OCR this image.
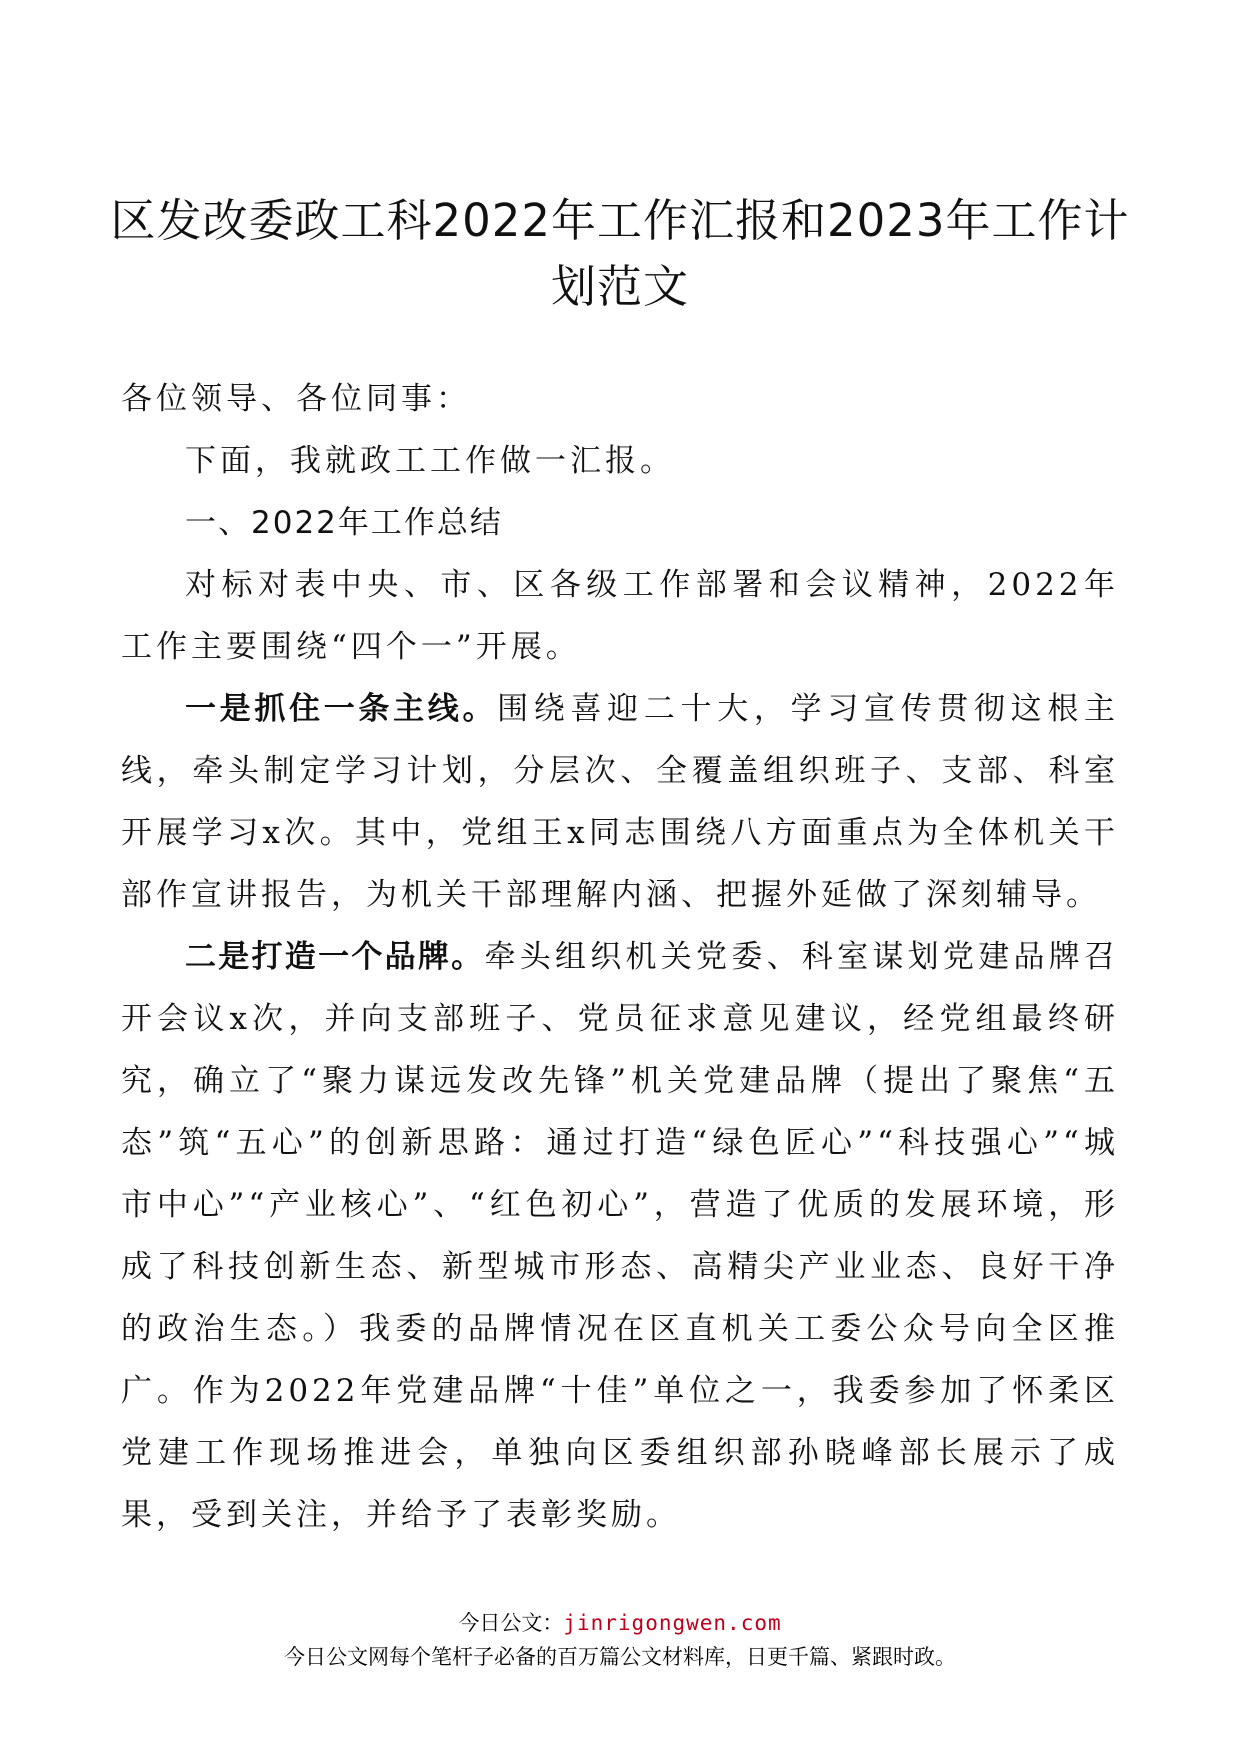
区发改委政工科2022年工作汇报和2023年工作计
划范文

各位领导、各位同事：

下面，我就政工工作做一汇报。

一、2022年工作总结

对标对表中央、市、区各级工作部署和会议精神，2022年工作主要围绕“四个一”开展。

一是抓住一条主线。围绕喜迎二十大，学习宣传贯彻这根主线，牵头制定学习计划，分层次、全覆盖组织班子、支部、科室开展学习x次。其中，党组王x同志围绕八方面重点为全体机关干部作宣讲报告，为机关干部理解内涵、把握外延做了深刻辅导。

二是打造一个品牌。牵头组织机关党委、科室谋划党建品牌召开会议x次，并向支部班子、党员征求意见建议，经党组最终研究，确立了“聚力谋远发改先锋”机关党建品牌（提出了聚焦“五态”筑“五心”的创新思路：通过打造“绿色匠心”“科技强心”“城市中心”“产业核心”、“红色初心”，营造了优质的发展环境，形成了科技创新生态、新型城市形态、高精尖产业业态、良好干净的政治生态。）我委的品牌情况在区直机关工委公众号向全区推广。作为2022年党建品牌“十佳”单位之一，我委参加了怀柔区党建工作现场推进会，单独向区委组织部孙晓峰部长展示了成果，受到关注，并给予了表彰奖励。

今日公文：jinrigongwen.com
今日公文网每个笔杆子必备的百万篇公文材料库，日更千篇、紧跟时政。
